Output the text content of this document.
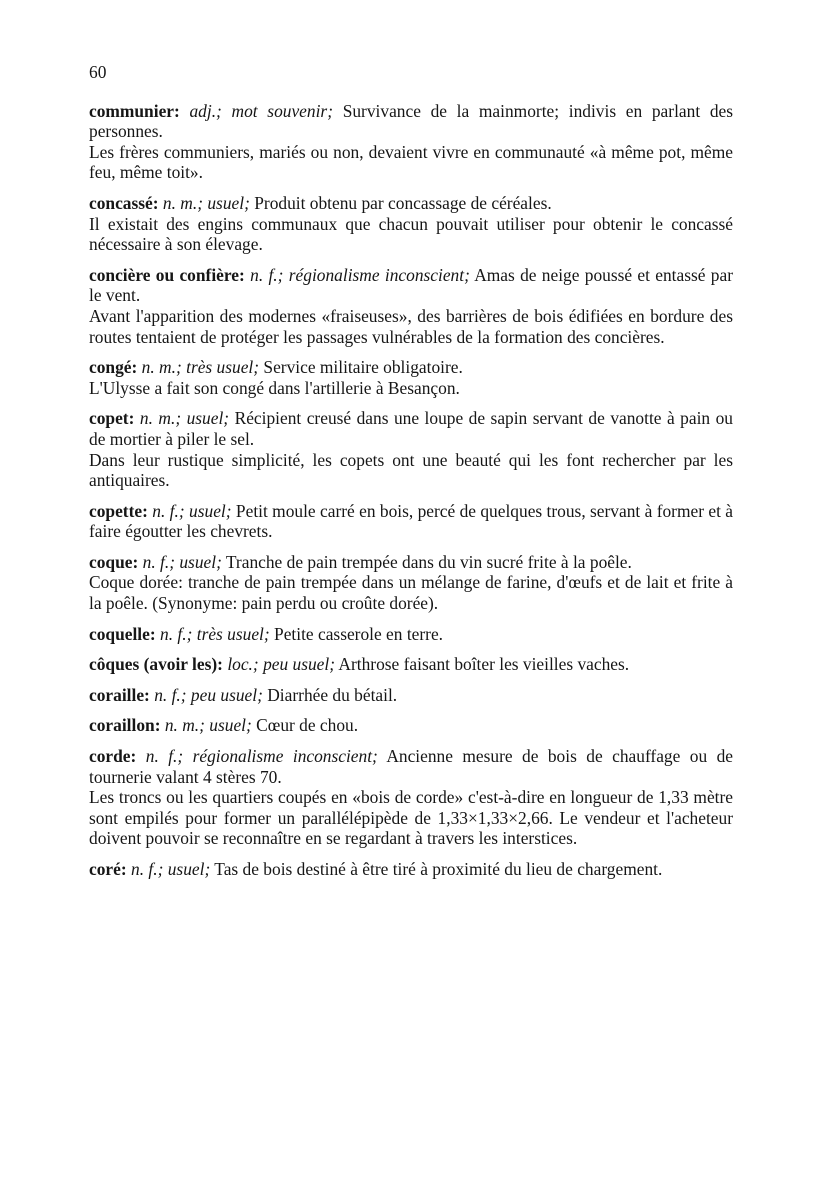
60

communier: adj.; mot souvenir; Survivance de la mainmorte; indivis en parlant des personnes.

Les frères communiers, mariés ou non, devaient vivre en communauté «à même pot, même feu, même toit».

concassé: n. m.; usuel; Produit obtenu par concassage de céréales.

Il existait des engins communaux que chacun pouvait utiliser pour obtenir le concassé nécessaire à son élevage.

concière ou confière: n. f.; régionalisme inconscient; Amas de neige poussé et entassé par le vent.

Avant l'apparition des modernes «fraiseuses», des barrières de bois édifiées en bordure des routes tentaient de protéger les passages vulnérables de la formation des concières.

congé: n. m.; très usuel; Service militaire obligatoire.

L'Ulysse a fait son congé dans l'artillerie à Besançon.

copet: n. m.; usuel; Récipient creusé dans une loupe de sapin servant de vanotte à pain ou de mortier à piler le sel.

Dans leur rustique simplicité, les copets ont une beauté qui les font rechercher par les antiquaires.

copette: n. f.; usuel; Petit moule carré en bois, percé de quelques trous, servant à former et à faire égoutter les chevrets.

coque: n. f.; usuel; Tranche de pain trempée dans du vin sucré frite à la poêle.

Coque dorée: tranche de pain trempée dans un mélange de farine, d'œufs et de lait et frite à la poêle. (Synonyme: pain perdu ou croûte dorée).

coquelle: n. f.; très usuel; Petite casserole en terre.

côques (avoir les): loc.; peu usuel; Arthrose faisant boîter les vieilles vaches.

coraille: n. f.; peu usuel; Diarrhée du bétail.

coraillon: n. m.; usuel; Cœur de chou.

corde: n. f.; régionalisme inconscient; Ancienne mesure de bois de chauffage ou de tournerie valant 4 stères 70.

Les troncs ou les quartiers coupés en «bois de corde» c'est-à-dire en longueur de 1,33 mètre sont empilés pour former un parallélépipède de 1,33×1,33×2,66. Le vendeur et l'acheteur doivent pouvoir se reconnaître en se regardant à travers les interstices.

coré: n. f.; usuel; Tas de bois destiné à être tiré à proximité du lieu de chargement.
